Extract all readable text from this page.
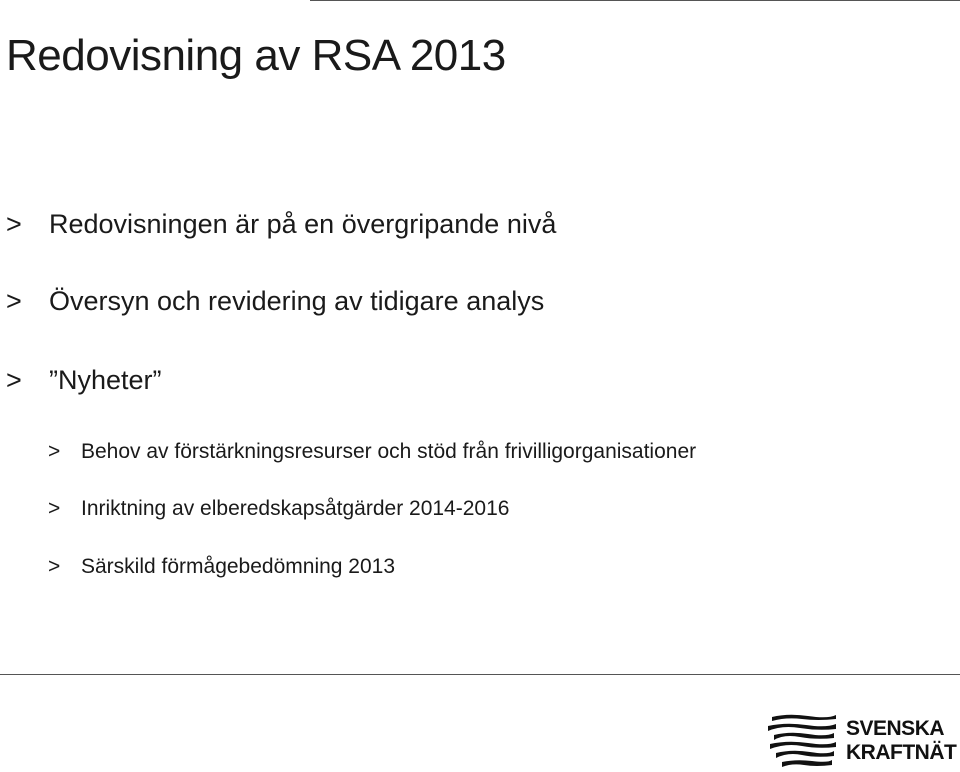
Redovisning av RSA 2013
> Redovisningen är på en övergripande nivå
> Översyn och revidering av tidigare analys
> ”Nyheter”
> Behov av förstärkningsresurser och stöd från frivilligorganisationer
> Inriktning av elberedskapsåtgärder 2014-2016
> Särskild förmågebedömning 2013
SVENSKA
KRAFTNÄT
